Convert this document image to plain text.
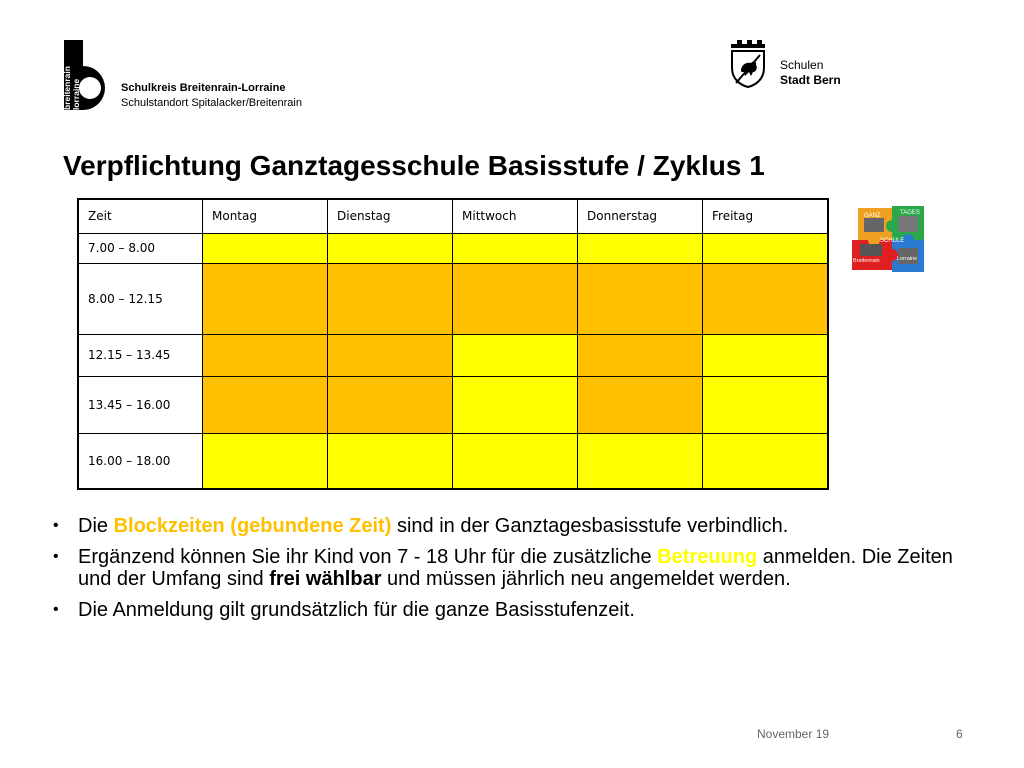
breitenrain lorraine	Schulkreis Breitenrain-Lorraine
Schulstandort Spitalacker/Breitenrain
Schulen
Stadt Bern
Verpflichtung Ganztagesschule Basisstufe / Zyklus 1
Zeit	Montag	Dienstag	Mittwoch	Donnerstag	Freitag
7.00 – 8.00					
8.00 – 12.15					
12.15 – 13.45					
13.45 – 16.00					
16.00 – 18.00					
GANZ	TAGES
SCHULE
Breitenrain	Lorraine
• Die Blockzeiten (gebundene Zeit) sind in der Ganztagesbasisstufe verbindlich.
• Ergänzend können Sie ihr Kind von 7 - 18 Uhr für die zusätzliche Betreuung anmelden. Die Zeiten und der Umfang sind frei wählbar und müssen jährlich neu angemeldet werden.
• Die Anmeldung gilt grundsätzlich für die ganze Basisstufenzeit.
November 19	6
